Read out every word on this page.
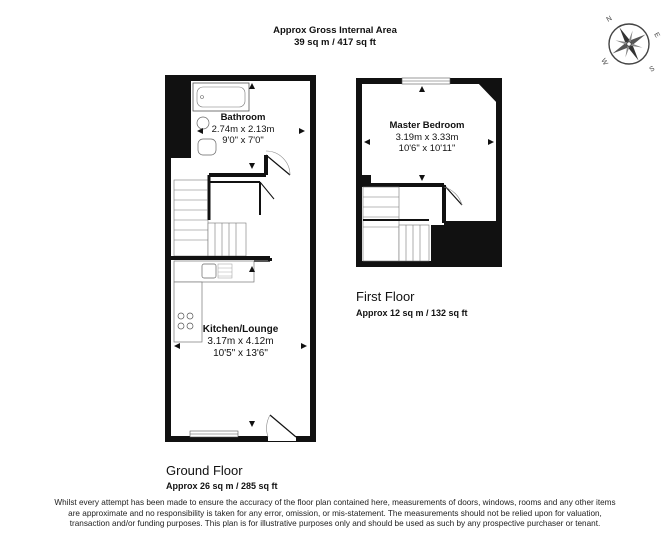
Approx Gross Internal Area
39 sq m / 417 sq ft
N
E
S
W
Bathroom
2.74m x 2.13m
9'0" x 7'0"
Kitchen/Lounge
3.17m x 4.12m
10'5" x 13'6"
Master Bedroom
3.19m x 3.33m
10'6" x 10'11"
First Floor
Approx 12 sq m / 132 sq ft
Ground Floor
Approx 26 sq m / 285 sq ft
Whilst every attempt has been made to ensure the accuracy of the floor plan contained here, measurements of doors, windows, rooms and any other items are approximate and no responsibility is taken for any error, omission, or mis-statement. The measurements should not be relied upon for valuation, transaction and/or funding purposes. This plan is for illustrative purposes only and should be used as such by any prospective purchaser or tenant.
